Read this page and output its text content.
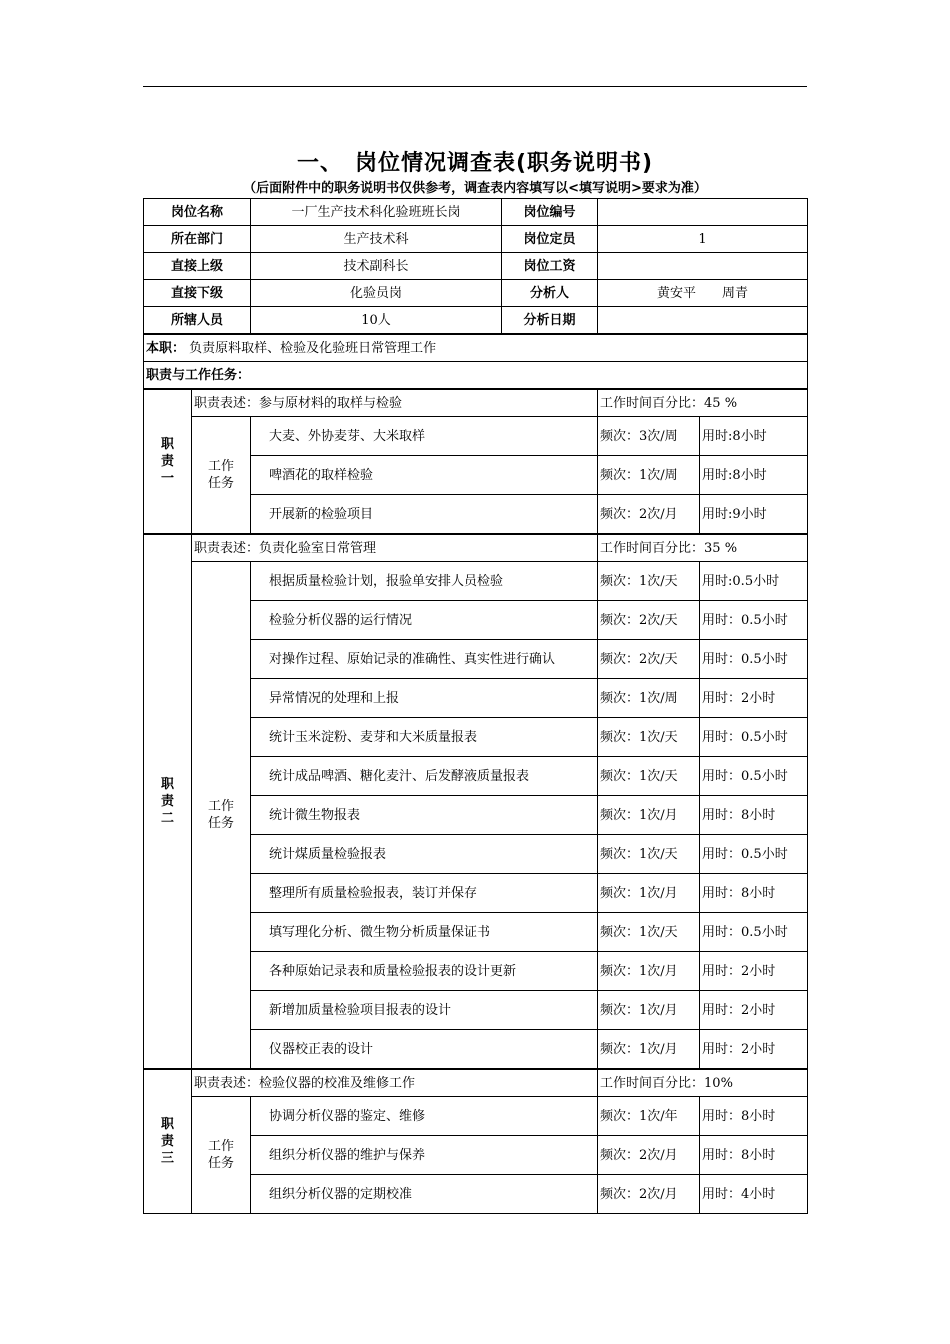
一、　岗位情况调查表(职务说明书)
（后面附件中的职务说明书仅供参考，调查表内容填写以<填写说明>要求为准）
岗位名称		一厂生产技术科化验班班长岗	岗位编号		
所在部门		生产技术科	岗位定员	1	
直接上级		技术副科长	岗位工资		
直接下级		化验员岗	分析人	黄安平　　周青	
所辖人员		10人	分析日期		
本职： 负责原料取样、检验及化验班日常管理工作					
职责与工作任务：					
职
责
一	职责表述：参与原材料的取样与检验			工作时间百分比：45 %	
	工作
任务	大麦、外协麦芽、大米取样		频次：3次/周	用时:8小时
		啤酒花的取样检验		频次：1次/周	用时:8小时
		开展新的检验项目		频次：2次/月	用时:9小时
职
责
二	职责表述：负责化验室日常管理			工作时间百分比：35 %	
	工作
任务	根据质量检验计划，报验单安排人员检验		频次：1次/天	用时:0.5小时
		检验分析仪器的运行情况		频次：2次/天	用时：0.5小时
		对操作过程、原始记录的准确性、真实性进行确认		频次：2次/天	用时：0.5小时
		异常情况的处理和上报		频次：1次/周	用时：2小时
		统计玉米淀粉、麦芽和大米质量报表		频次：1次/天	用时：0.5小时
		统计成品啤酒、糖化麦汁、后发酵液质量报表		频次：1次/天	用时：0.5小时
		统计微生物报表		频次：1次/月	用时：8小时
		统计煤质量检验报表		频次：1次/天	用时：0.5小时
		整理所有质量检验报表，装订并保存		频次：1次/月	用时：8小时
		填写理化分析、微生物分析质量保证书		频次：1次/天	用时：0.5小时
		各种原始记录表和质量检验报表的设计更新		频次：1次/月	用时：2小时
		新增加质量检验项目报表的设计		频次：1次/月	用时：2小时
		仪器校正表的设计		频次：1次/月	用时：2小时
职
责
三	职责表述：检验仪器的校准及维修工作			工作时间百分比：10%	
	工作
任务	协调分析仪器的鉴定、维修		频次：1次/年	用时：8小时
		组织分析仪器的维护与保养		频次：2次/月	用时：8小时
		组织分析仪器的定期校准		频次：2次/月	用时：4小时
